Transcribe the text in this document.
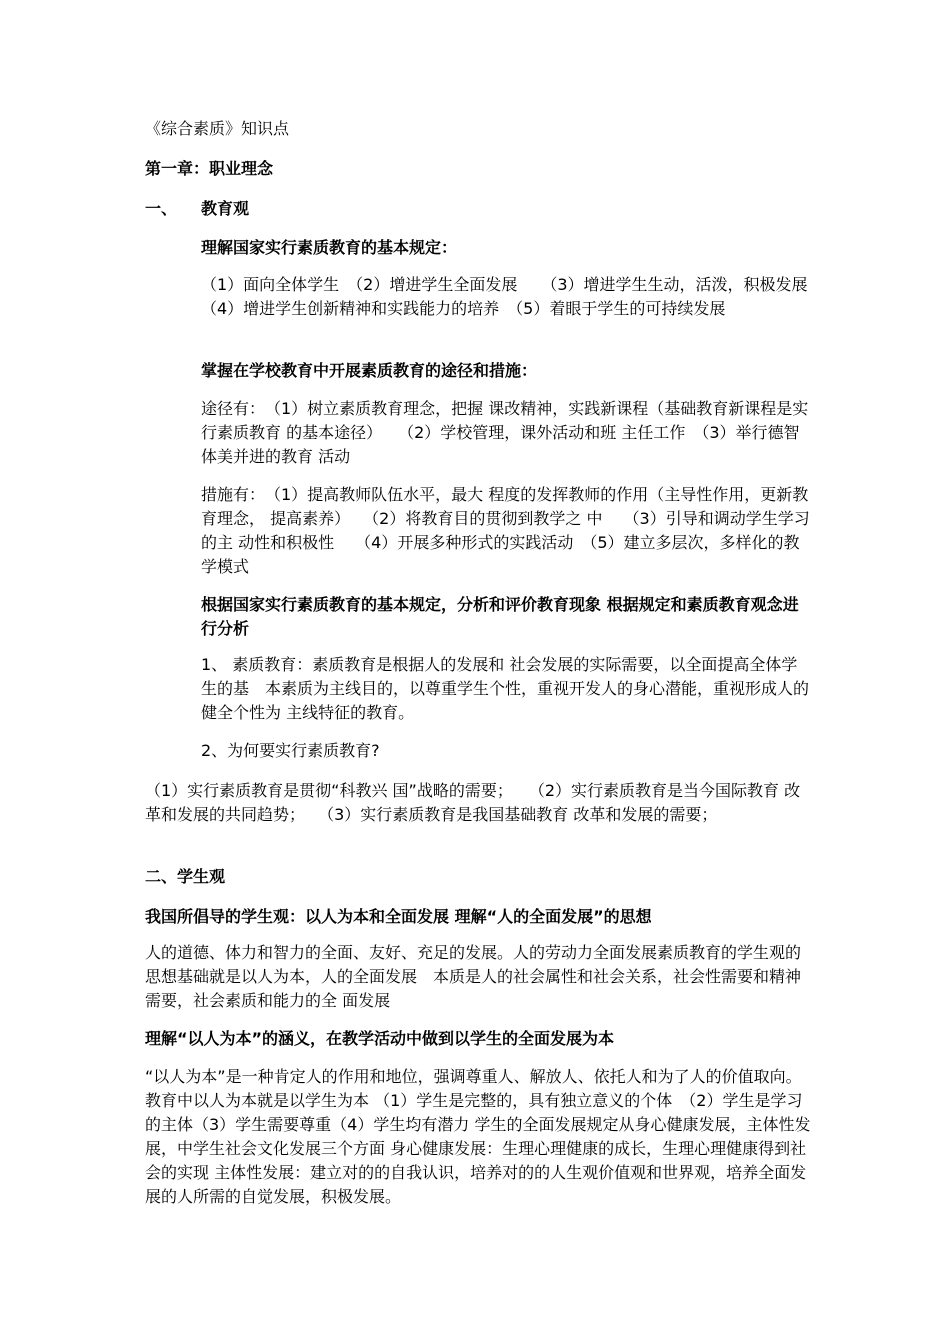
《综合素质》知识点

第一章：职业理念

一、 教育观

理解国家实行素质教育的基本规定：

（1）面向全体学生　（2）增进学生全面发展　　（3）增进学生生动，活泼，积极发展　 （4）增进学生创新精神和实践能力的培养　（5）着眼于学生的可持续发展

掌握在学校教育中开展素质教育的途径和措施：

途径有：　（1）树立素质教育理念，把握 课改精神，实践新课程（基础教育新课程是实行素质教育 的基本途径）　　（2）学校管理，课外活动和班 主任工作　（3）举行德智体美并进的教育 活动

措施有：　（1）提高教师队伍水平，最大 程度的发挥教师的作用（主导性作用，更新教育理念， 提高素养）　 （2）将教育目的贯彻到教学之 中　 （3）引导和调动学生学习的主 动性和积极性　 （4）开展多种形式的实践活动　（5）建立多层次，多样化的教 学模式

根据国家实行素质教育的基本规定，分析和评价教育现象 根据规定和素质教育观念进行分析

1、 素质教育：素质教育是根据人的发展和 社会发展的实际需要，以全面提高全体学生的基　本素质为主线目的，以尊重学生个性，重视开发人的身心潜能，重视形成人的健全个性为 主线特征的教育。

2、为何要实行素质教育?

（1）实行素质教育是贯彻“科教兴 国”战略的需要；　　（2）实行素质教育是当今国际教育 改革和发展的共同趋势；　 （3）实行素质教育是我国基础教育 改革和发展的需要；

二、学生观

我国所倡导的学生观：以人为本和全面发展 理解“人的全面发展”的思想

人的道德、体力和智力的全面、友好、充足的发展。人的劳动力全面发展素质教育的学生观的思想基础就是以人为本，人的全面发展　本质是人的社会属性和社会关系，社会性需要和精神需要，社会素质和能力的全 面发展

理解“以人为本”的涵义，在教学活动中做到以学生的全面发展为本

“以人为本”是一种肯定人的作用和地位，强调尊重人、解放人、依托人和为了人的价值取向。教育中以人为本就是以学生为本 （1）学生是完整的，具有独立意义的个体　（2）学生是学习的主体（3）学生需要尊重（4）学生均有潜力 学生的全面发展规定从身心健康发展，主体性发展，中学生社会文化发展三个方面 身心健康发展：生理心理健康的成长，生理心理健康得到社会的实现 主体性发展：建立对的的自我认识，培养对的的人生观价值观和世界观，培养全面发 展的人所需的自觉发展，积极发展。
